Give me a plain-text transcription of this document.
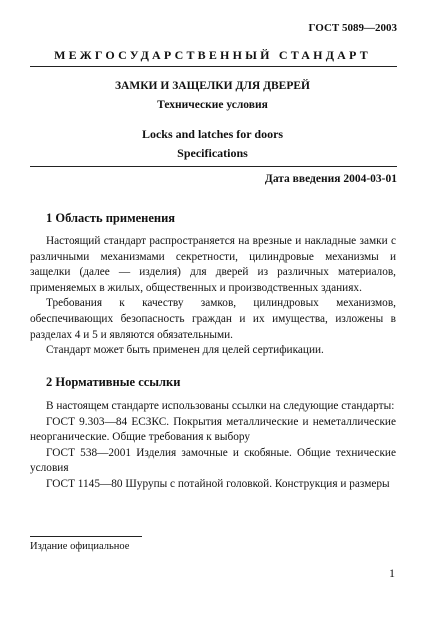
ГОСТ 5089—2003
МЕЖГОСУДАРСТВЕННЫЙ СТАНДАРТ
ЗАМКИ И ЗАЩЕЛКИ ДЛЯ ДВЕРЕЙ
Технические условия
Locks and latches for doors
Specifications
Дата введения 2004-03-01
1 Область применения

Настоящий стандарт распространяется на врезные и накладные замки с различными механизмами секретности, цилиндровые механизмы и защелки (далее — изделия) для дверей из различных материалов, применяемых в жилых, общественных и производственных зданиях.

Требования к качеству замков, цилиндровых механизмов, обеспечивающих безопасность граждан и их имущества, изложены в разделах 4 и 5 и являются обязательными.

Стандарт может быть применен для целей сертификации.

2 Нормативные ссылки

В настоящем стандарте использованы ссылки на следующие стандарты:

ГОСТ 9.303—84 ЕСЗКС. Покрытия металлические и неметаллические неорганические. Общие требования к выбору

ГОСТ 538—2001 Изделия замочные и скобяные. Общие технические условия

ГОСТ 1145—80 Шурупы с потайной головкой. Конструкция и размеры

Издание официальное
1
